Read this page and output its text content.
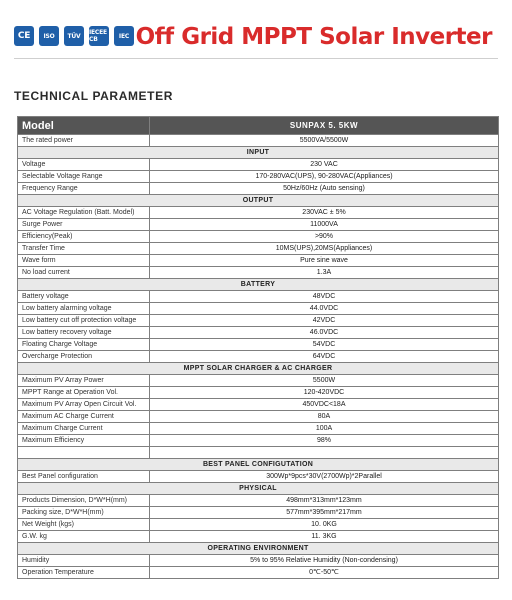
CE	ISO	TÜV	IECEE CB	IEC Off Grid MPPT Solar Inverter
TECHNICAL PARAMETER
Model	SUNPAX 5. 5KW
The rated power	5500VA/5500W
INPUT	
Voltage	230 VAC
Selectable Voltage Range	170-280VAC(UPS), 90-280VAC(Appliances)
Frequency Range	50Hz/60Hz (Auto sensing)
OUTPUT	
AC Voltage Regulation (Batt. Model)	230VAC ± 5%
Surge Power	11000VA
Efficiency(Peak)	>90%
Transfer Time	10MS(UPS),20MS(Appliances)
Wave form	Pure sine wave
No load current	1.3A
BATTERY	
Battery voltage	48VDC
Low battery alarming voltage	44.0VDC
Low battery cut off protection voltage	42VDC
Low battery recovery voltage	46.0VDC
Floating Charge Voltage	54VDC
Overcharge Protection	64VDC
MPPT SOLAR CHARGER & AC CHARGER	
Maximum PV Array Power	5500W
MPPT Range at Operation Vol.	120-420VDC
Maximum PV Array Open Circuit Vol.	450VDC<18A
Maximum AC Charge Current	80A
Maximum Charge Current	100A
Maximum Efficiency	98%

BEST PANEL CONFIGUTATION	
Best Panel configuration	300Wp*9pcs*30V(2700Wp)*2Parallel
PHYSICAL	
Products Dimension, D*W*H(mm)	498mm*313mm*123mm
Packing size, D*W*H(mm)	577mm*395mm*217mm
Net Weight (kgs)	10. 0KG
G.W. kg	11. 3KG
OPERATING ENVIRONMENT	
Humidity	5% to 95% Relative Humidity (Non-condensing)
Operation Temperature	0℃-50℃
